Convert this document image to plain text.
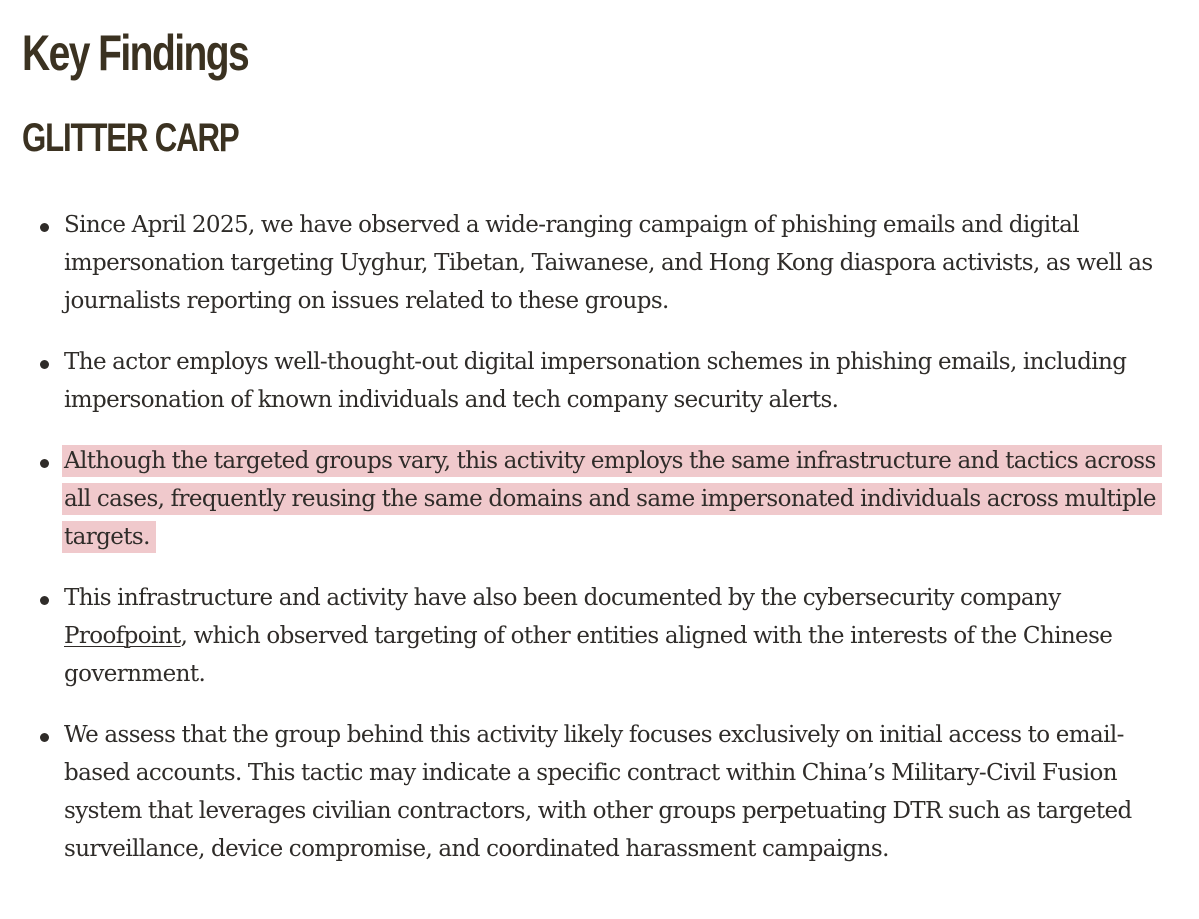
Key Findings
GLITTER CARP
Since April 2025, we have observed a wide-ranging campaign of phishing emails and digital impersonation targeting Uyghur, Tibetan, Taiwanese, and Hong Kong diaspora activists, as well as journalists reporting on issues related to these groups.
The actor employs well-thought-out digital impersonation schemes in phishing emails, including impersonation of known individuals and tech company security alerts.
Although the targeted groups vary, this activity employs the same infrastructure and tactics across all cases, frequently reusing the same domains and same impersonated individuals across multiple targets.
This infrastructure and activity have also been documented by the cybersecurity company Proofpoint, which observed targeting of other entities aligned with the interests of the Chinese government.
We assess that the group behind this activity likely focuses exclusively on initial access to email-based accounts. This tactic may indicate a specific contract within China’s Military-Civil Fusion system that leverages civilian contractors, with other groups perpetuating DTR such as targeted surveillance, device compromise, and coordinated harassment campaigns.
